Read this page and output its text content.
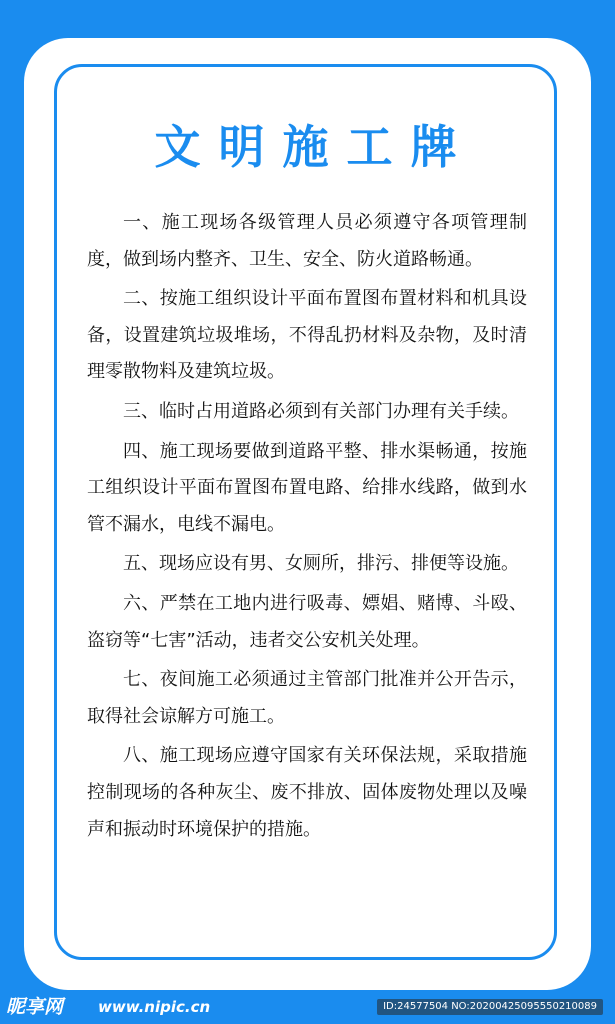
文明施工牌
一、施工现场各级管理人员必须遵守各项管理制度，做到场内整齐、卫生、安全、防火道路畅通。
二、按施工组织设计平面布置图布置材料和机具设备，设置建筑垃圾堆场，不得乱扔材料及杂物，及时清理零散物料及建筑垃圾。
三、临时占用道路必须到有关部门办理有关手续。
四、施工现场要做到道路平整、排水渠畅通，按施工组织设计平面布置图布置电路、给排水线路，做到水管不漏水，电线不漏电。
五、现场应设有男、女厕所，排污、排便等设施。
六、严禁在工地内进行吸毒、嫖娼、赌博、斗殴、盗窃等“七害”活动，违者交公安机关处理。
七、夜间施工必须通过主管部门批准并公开告示，取得社会谅解方可施工。
八、施工现场应遵守国家有关环保法规，采取措施控制现场的各种灰尘、废不排放、固体废物处理以及噪声和振动时环境保护的措施。
昵享网 www.nipic.cn	ID:24577504 NO:20200425095550210089
